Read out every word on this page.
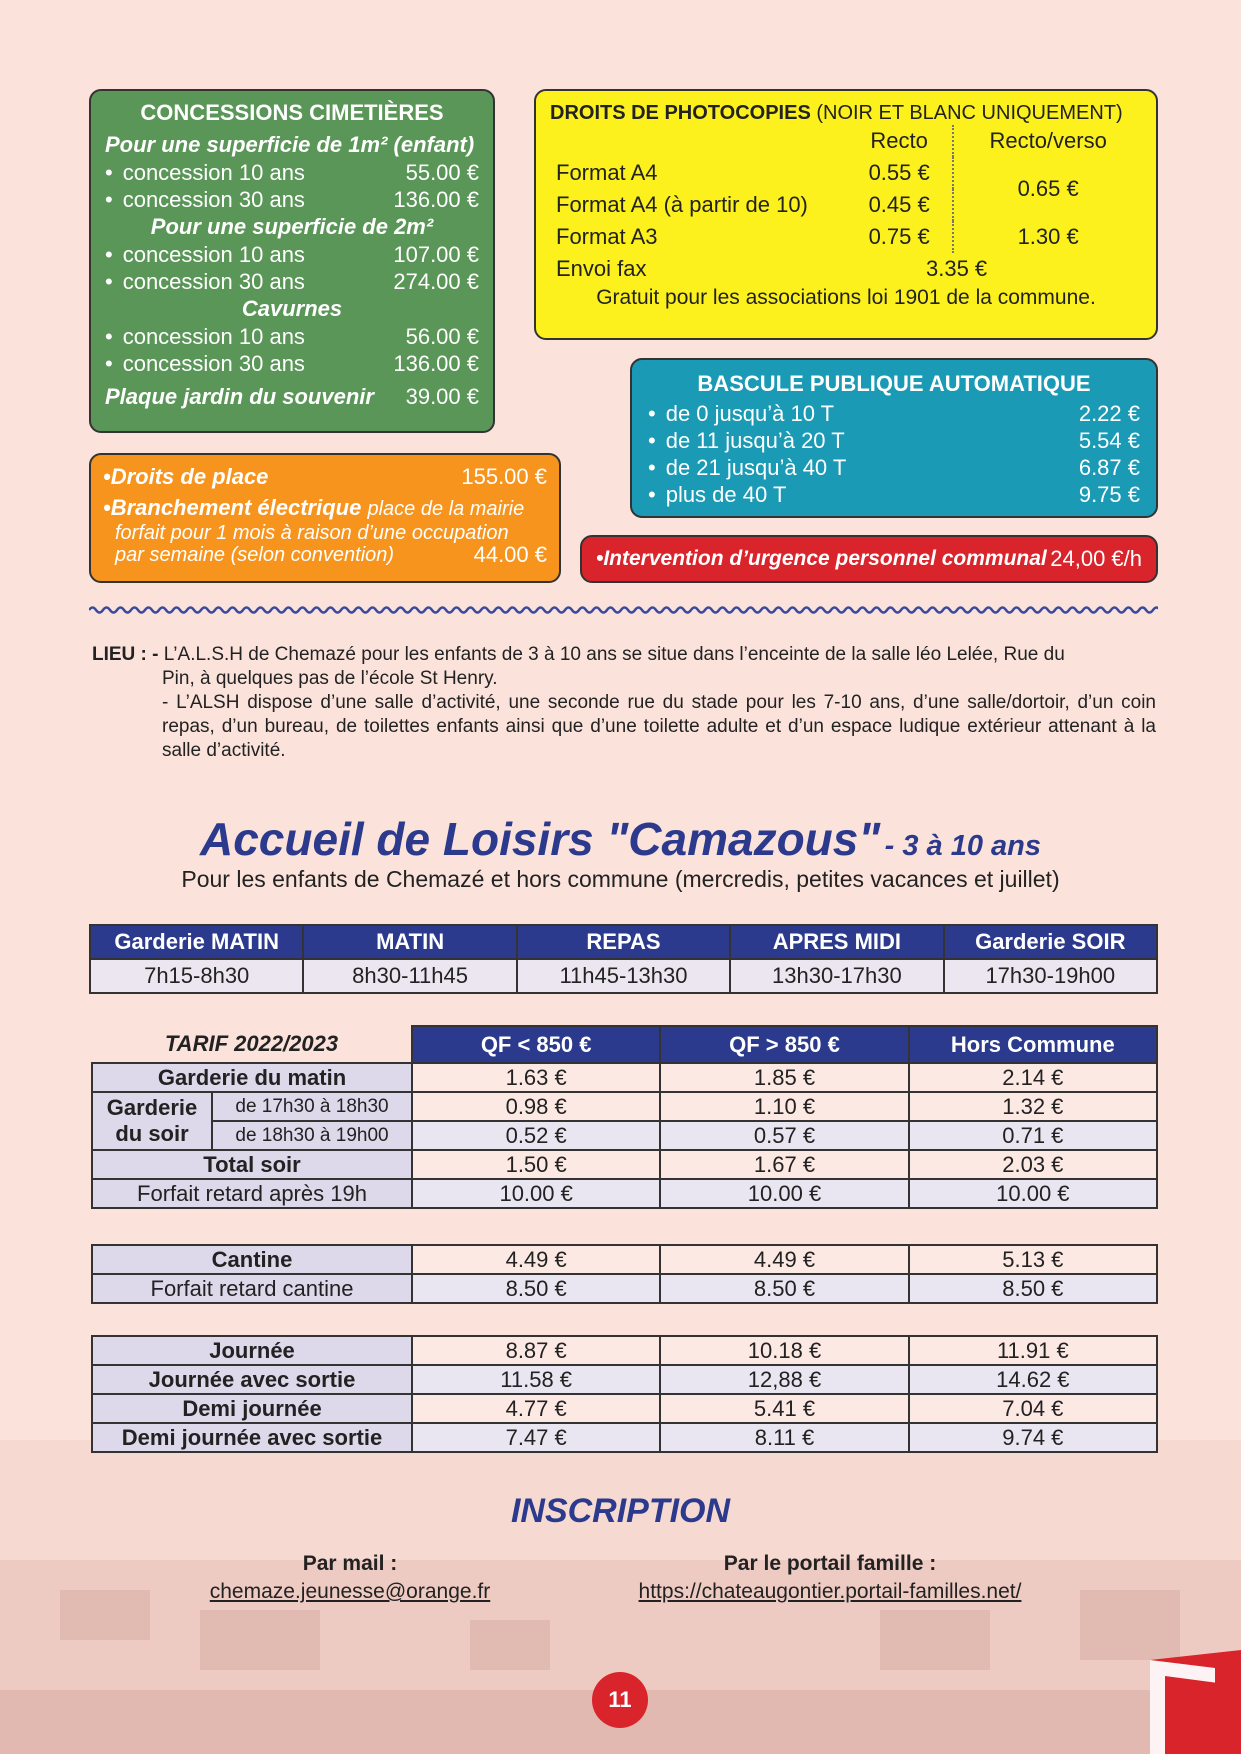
CONCESSIONS CIMETIÈRES
Pour une superficie de 1m² (enfant)
• concession 10 ans	55.00 €
• concession 30 ans	136.00 €
Pour une superficie de 2m²
• concession 10 ans	107.00 €
• concession 30 ans	274.00 €
Cavurnes
• concession 10 ans	56.00 €
• concession 30 ans	136.00 €
Plaque jardin du souvenir 39.00 €
DROITS DE PHOTOCOPIES (NOIR ET BLANC UNIQUEMENT)
	Recto	Recto/verso
Format A4	0.55 €	0.65 €
Format A4 (à partir de 10)	0.45 €	
Format A3	0.75 €	1.30 €
Envoi fax	3.35 €	
Gratuit pour les associations loi 1901 de la commune.
BASCULE PUBLIQUE AUTOMATIQUE
• de 0 jusqu’à 10 T	2.22 €
• de 11 jusqu’à 20 T	5.54 €
• de 21 jusqu’à 40 T	6.87 €
• plus de 40 T	9.75 €
•Droits de place	155.00 €
•Branchement électrique place de la mairie
forfait pour 1 mois à raison d’une occupation
par semaine (selon convention)	44.00 € •Intervention d’urgence personnel communal 24,00 €/h
LIEU : - L’A.L.S.H de Chemazé pour les enfants de 3 à 10 ans se situe dans l’enceinte de la salle léo Lelée, Rue du
Pin, à quelques pas de l’école St Henry.
- L’ALSH dispose d’une salle d’activité, une seconde rue du stade pour les 7-10 ans, d’une salle/dortoir, d’un coin repas, d’un bureau, de toilettes enfants ainsi que d’une toilette adulte et d’un espace ludique extérieur attenant à la salle d’activité.
Accueil de Loisirs "Camazous" - 3 à 10 ans
Pour les enfants de Chemazé et hors commune (mercredis, petites vacances et juillet)
Garderie MATIN	MATIN	REPAS	APRES MIDI	Garderie SOIR
7h15-8h30	8h30-11h45	11h45-13h30	13h30-17h30	17h30-19h00
TARIF 2022/2023		QF < 850 €	QF > 850 €	Hors Commune
Garderie du matin		1.63 €	1.85 €	2.14 €

Garderie
du soir	de 17h30 à 18h30	0.98 €	1.10 €	1.32 €
	de 18h30 à 19h00	0.52 €	0.57 €	0.71 €
Total soir		1.50 €	1.67 €	2.03 €
Forfait retard après 19h		10.00 €	10.00 €	10.00 €
Cantine	4.49 €	4.49 €	5.13 €
Forfait retard cantine	8.50 €	8.50 €	8.50 €
Journée	8.87 €	10.18 €	11.91 €
Journée avec sortie	11.58 €	12,88 €	14.62 €
Demi journée	4.77 €	5.41 €	7.04 €
Demi journée avec sortie	7.47 €	8.11 €	9.74 €
INSCRIPTION
Par mail :
chemaze.jeunesse@orange.fr
Par le portail famille :
https://chateaugontier.portail-familles.net/
11
